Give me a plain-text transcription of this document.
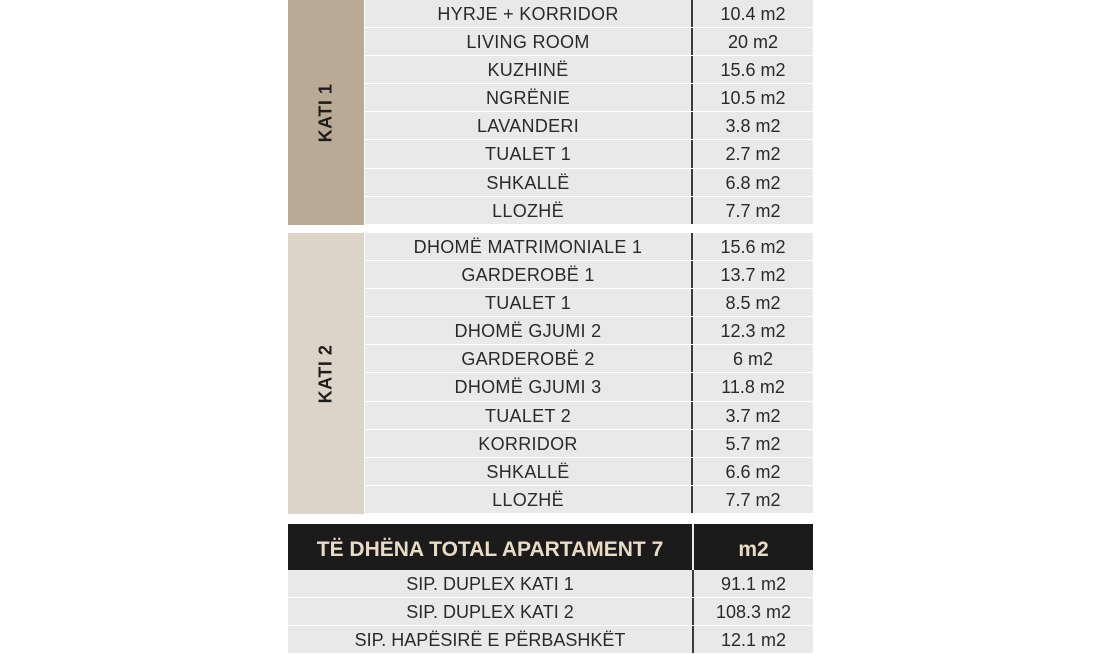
KATI 1
HYRJE + KORRIDOR	10.4 m2
LIVING ROOM	20 m2
KUZHINË	15.6 m2
NGRËNIE	10.5 m2
LAVANDERI	3.8 m2
TUALET 1	2.7 m2
SHKALLË	6.8 m2
LLOZHË	7.7 m2
KATI 2
DHOMË MATRIMONIALE 1	15.6 m2
GARDEROBË 1	13.7 m2
TUALET 1	8.5 m2
DHOMË GJUMI 2	12.3 m2
GARDEROBË 2	6 m2
DHOMË GJUMI 3	11.8 m2
TUALET 2	3.7 m2
KORRIDOR	5.7 m2
SHKALLË	6.6 m2
LLOZHË	7.7 m2
TË DHËNA TOTAL APARTAMENT 7	m2
SIP. DUPLEX KATI 1	91.1 m2
SIP. DUPLEX KATI 2	108.3 m2
SIP. HAPËSIRË E PËRBASHKËT	12.1 m2
